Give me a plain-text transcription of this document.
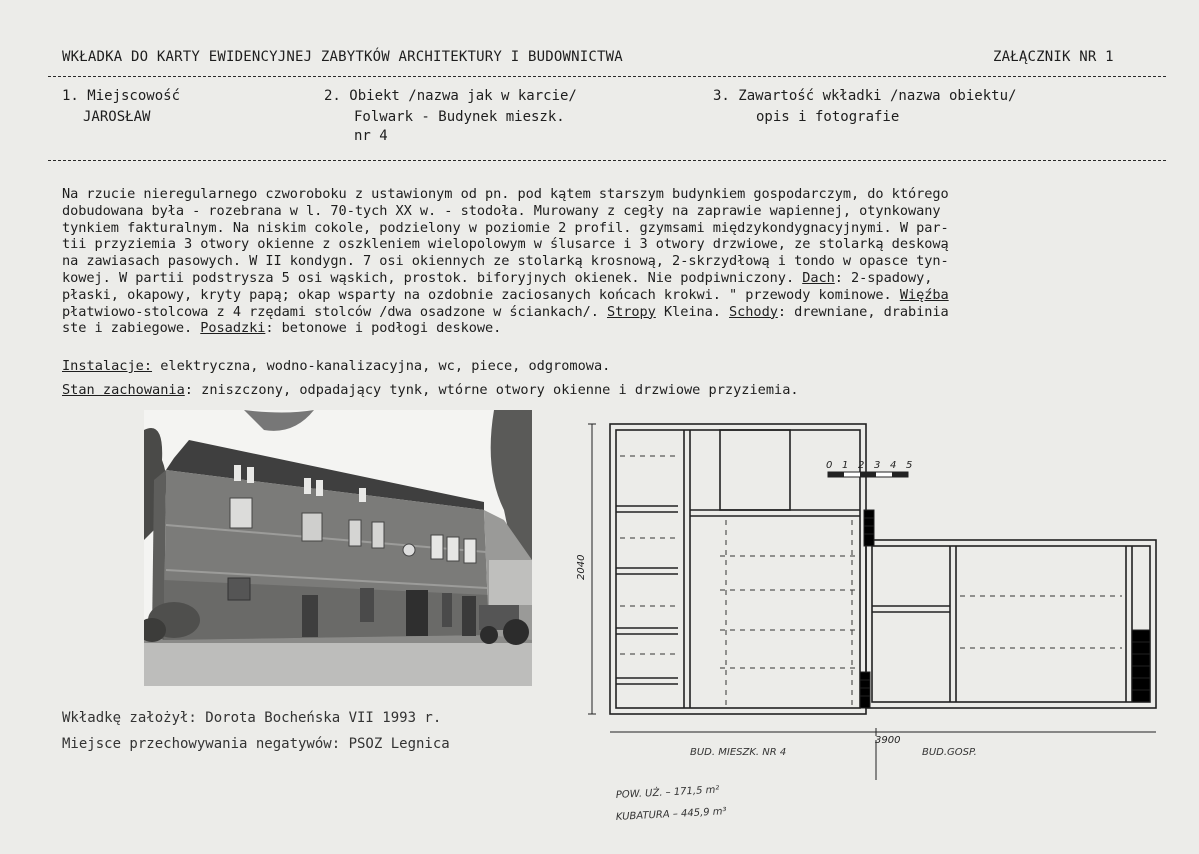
WKŁADKA DO KARTY EWIDENCYJNEJ ZABYTKÓW ARCHITEKTURY I BUDOWNICTWA	ZAŁĄCZNIK NR 1
1. Miejscowość
JAROSŁAW
2. Obiekt /nazwa jak w karcie/
Folwark - Budynek mieszk.
nr 4
3. Zawartość wkładki /nazwa obiektu/
opis i fotografie
Na rzucie nieregularnego czworoboku z ustawionym od pn. pod kątem starszym budynkiem gospodarczym, do którego
dobudowana była - rozebrana w l. 70-tych XX w. - stodoła. Murowany z cegły na zaprawie wapiennej, otynkowany
tynkiem fakturalnym. Na niskim cokole, podzielony w poziomie 2 profil. gzymsami międzykondygnacyjnymi. W par-
tii przyziemia 3 otwory okienne z oszkleniem wielopolowym w ślusarce i 3 otwory drzwiowe, ze stolarką deskową
na zawiasach pasowych. W II kondygn. 7 osi okiennych ze stolarką krosnową, 2-skrzydłową i tondo w opasce tyn-
kowej. W partii podstrysza 5 osi wąskich, prostok. biforyjnych okienek. Nie podpiwniczony. Dach: 2-spadowy,
płaski, okapowy, kryty papą; okap wsparty na ozdobnie zaciosanych końcach krokwi. " przewody kominowe. Więźba
płatwiowo-stolcowa z 4 rzędami stolców /dwa osadzone w ściankach/. Stropy Kleina. Schody: drewniane, drabinia
ste i zabiegowe. Posadzki: betonowe i podłogi deskowe.
Instalacje: elektryczna, wodno-kanalizacyjna, wc, piece, odgromowa.
Stan zachowania: zniszczony, odpadający tynk, wtórne otwory okienne i drzwiowe przyziemia.
Wkładkę założył: Dorota Bocheńska VII 1993 r.
Miejsce przechowywania negatywów: PSOZ Legnica
0 1 2 3 4 5
2040
3900
BUD. MIESZK. NR 4	BUD.GOSP.
POW. UŻ. – 171,5 m²
KUBATURA – 445,9 m³
